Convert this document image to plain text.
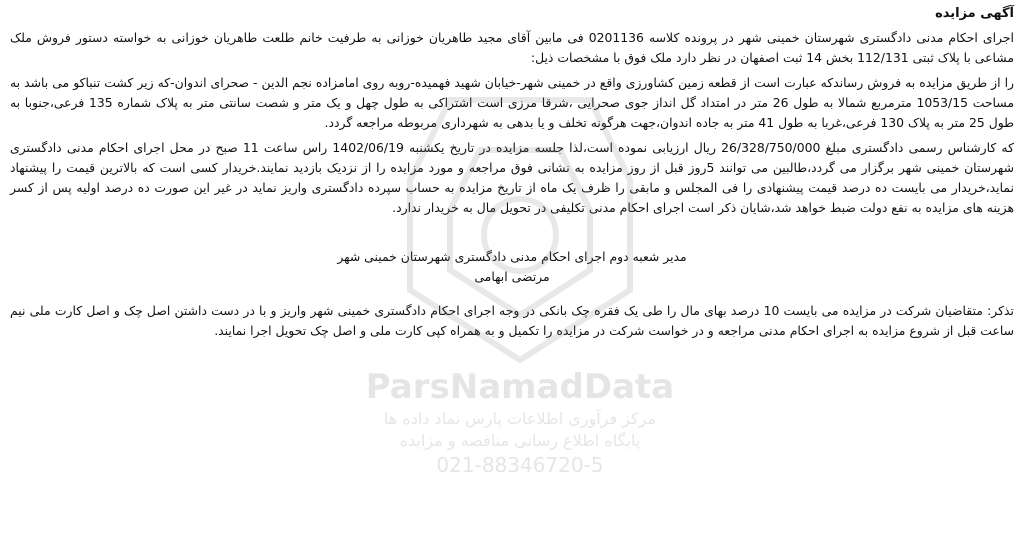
ParsNamadData
مرکز فرآوری اطلاعات پارس نماد داده ها
پایگاه اطلاع رسانی مناقصه و مزایده
021-88346720-5
آگهی مزایده

اجرای احکام مدنی دادگستری شهرستان خمینی شهر در پرونده کلاسه 0201136 فی مابین آقای مجید طاهریان خوزانی به طرفیت خانم طلعت طاهریان خوزانی به خواسته دستور فروش ملک مشاعی با پلاک ثبتی 112/131 بخش 14 ثبت اصفهان در نظر دارد ملک فوق با مشخصات ذیل:

را از طریق مزایده به فروش رساندکه عبارت است از قطعه زمین کشاورزی واقع در خمینی شهر-خیابان شهید فهمیده-روبه روی امامزاده نجم الدین - صحرای اندوان-که زیر کشت تنباکو می باشد به مساحت 1053/15 مترمربع شمالا به طول 26 متر در امتداد گل انداز جوی صحرایی ،شرقا مرزی است اشتراکی به طول چهل و یک متر و شصت سانتی متر به پلاک شماره 135 فرعی،جنوبا به طول 25 متر به پلاک 130 فرعی،غربا به طول 41 متر به جاده اندوان،جهت هرگونه تخلف و یا بدهی به شهرداری مربوطه مراجعه گردد.

که کارشناس رسمی دادگستری مبلغ 26/328/750/000 ریال ارزیابی نموده است،لذا جلسه مزایده در تاریخ یکشنبه 1402/06/19 راس ساعت 11 صبح در محل اجرای احکام مدنی دادگستری شهرستان خمینی شهر برگزار می گردد،طالبین می توانند 5روز قبل از روز مزایده به نشانی فوق مراجعه و مورد مزایده را از نزدیک بازدید نمایند.خریدار کسی است که بالاترین قیمت را پیشنهاد نماید،خریدار می بایست ده درصد قیمت پیشنهادی را فی المجلس و مابقی را ظرف یک ماه از تاریخ مزایده به حساب سپرده دادگستری واریز نماید در غیر این صورت ده درصد اولیه پس از کسر هزینه های مزایده به نفع دولت ضبط خواهد شد،شایان ذکر است اجرای احکام مدنی تکلیفی در تحویل مال به خریدار ندارد.

مدیر شعبه دوم اجرای احکام مدنی دادگستری شهرستان خمینی شهر
مرتضی ابهامی

تذکر: متقاضیان شرکت در مزایده می بایست 10 درصد بهای مال را طی یک فقره چک بانکی در وجه اجرای احکام دادگستری خمینی شهر واریز و با در دست داشتن اصل چک و اصل کارت ملی نیم ساعت قبل از شروع مزایده به اجرای احکام مدنی مراجعه و در خواست شرکت در مزایده را تکمیل و به همراه کپی کارت ملی و اصل چک تحویل اجرا نمایند.
